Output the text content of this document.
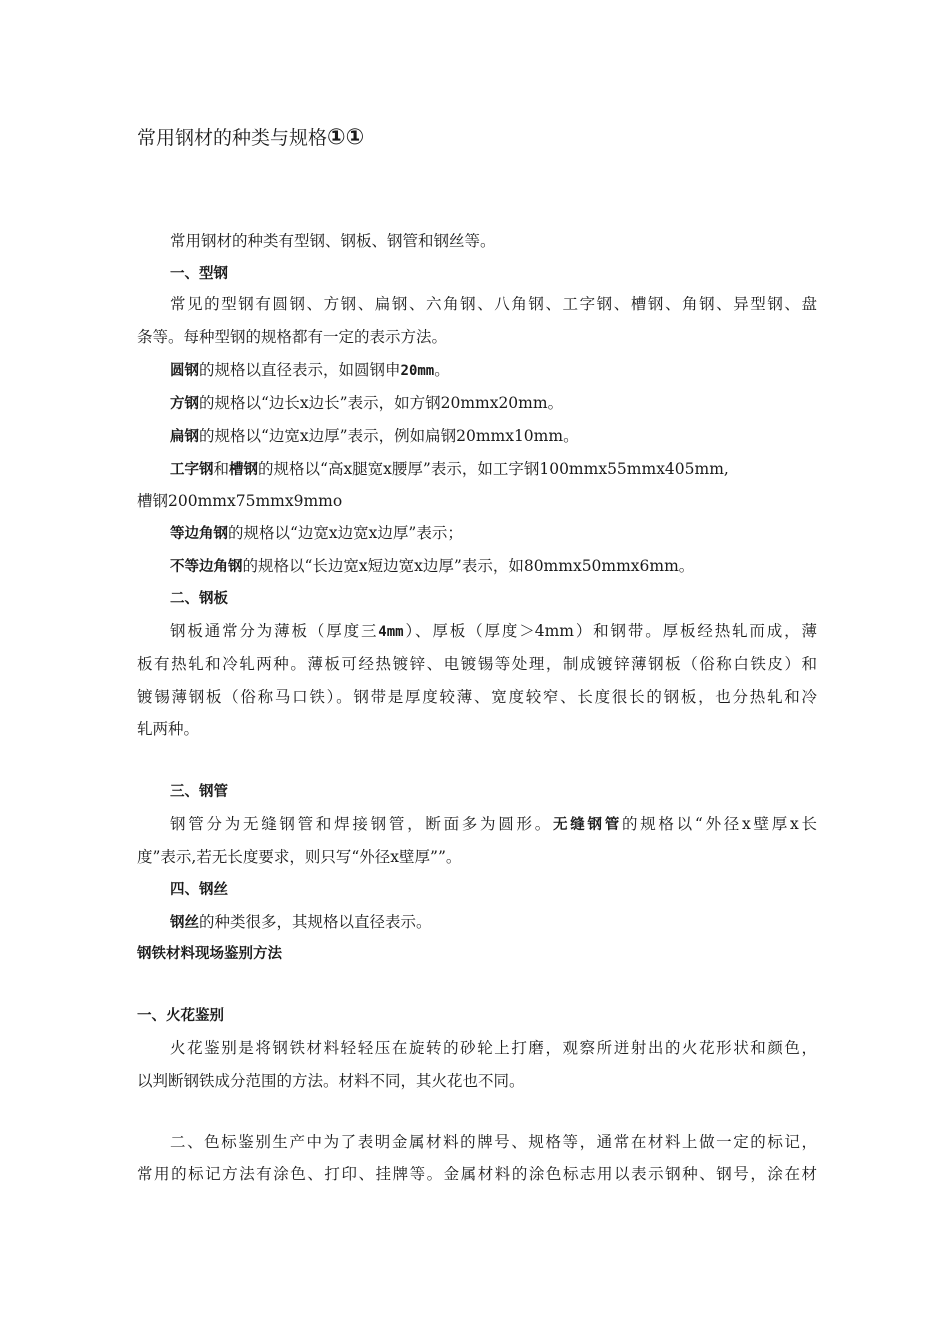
常用钢材的种类与规格①①
常用钢材的种类有型钢、钢板、钢管和钢丝等。
一、型钢
常见的型钢有圆钢、方钢、扁钢、六角钢、八角钢、工字钢、槽钢、角钢、异型钢、盘
条等。每种型钢的规格都有一定的表示方法。
圆钢的规格以直径表示，如圆钢申20mm。
方钢的规格以“边长x边长”表示，如方钢20mmx20mm。
扁钢的规格以“边宽x边厚”表示，例如扁钢20mmx10mm。
工字钢和槽钢的规格以“高x腿宽x腰厚”表示，如工字钢100mmx55mmx405mm,
槽钢200mmx75mmx9mmo
等边角钢的规格以“边宽x边宽x边厚”表示；
不等边角钢的规格以“长边宽x短边宽x边厚”表示，如80mmx50mmx6mm。
二、钢板
钢板通常分为薄板（厚度三4mm）、厚板（厚度＞4mm）和钢带。厚板经热轧而成，薄
板有热轧和冷轧两种。薄板可经热镀锌、电镀锡等处理，制成镀锌薄钢板（俗称白铁皮）和
镀锡薄钢板（俗称马口铁）。钢带是厚度较薄、宽度较窄、长度很长的钢板，也分热轧和冷
轧两种。
三、钢管
钢管分为无缝钢管和焊接钢管，断面多为圆形。无缝钢管的规格以“外径x壁厚x长
度”表示,若无长度要求，则只写“外径x壁厚””。
四、钢丝
钢丝的种类很多，其规格以直径表示。
钢铁材料现场鉴别方法
一、火花鉴别
火花鉴别是将钢铁材料轻轻压在旋转的砂轮上打磨，观察所迸射出的火花形状和颜色，
以判断钢铁成分范围的方法。材料不同，其火花也不同。
二、色标鉴别生产中为了表明金属材料的牌号、规格等，通常在材料上做一定的标记，
常用的标记方法有涂色、打印、挂牌等。金属材料的涂色标志用以表示钢种、钢号，涂在材
